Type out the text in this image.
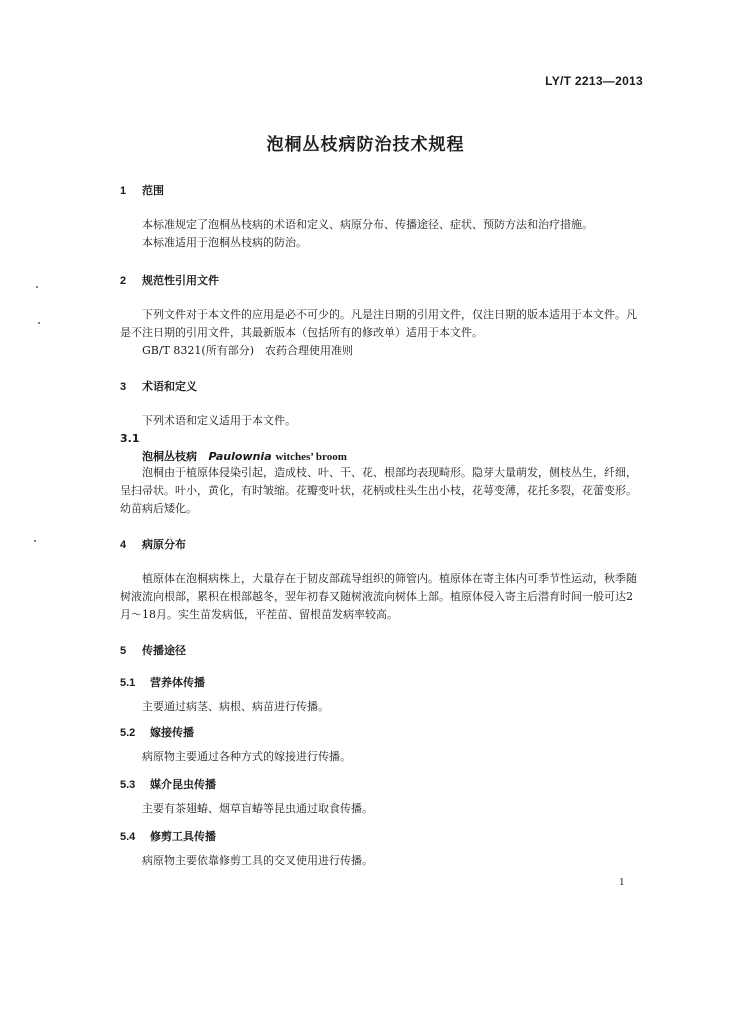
LY/T 2213—2013
泡桐丛枝病防治技术规程
1 范围
本标准规定了泡桐丛枝病的术语和定义、病原分布、传播途径、症状、预防方法和治疗措施。
本标准适用于泡桐丛枝病的防治。
2 规范性引用文件
下列文件对于本文件的应用是必不可少的。凡是注日期的引用文件，仅注日期的版本适用于本文件。凡是不注日期的引用文件，其最新版本（包括所有的修改单）适用于本文件。
GB/T 8321(所有部分)　农药合理使用准则
3 术语和定义
下列术语和定义适用于本文件。
3.1
泡桐丛枝病 Paulownia witches’ broom
泡桐由于植原体侵染引起，造成枝、叶、干、花、根部均表现畸形。隐芽大量萌发，侧枝丛生，纤细，呈扫帚状。叶小，黄化，有时皱缩。花瓣变叶状，花柄或柱头生出小枝，花萼变薄，花托多裂，花蕾变形。幼苗病后矮化。
4 病原分布
植原体在泡桐病株上，大量存在于韧皮部疏导组织的筛管内。植原体在寄主体内可季节性运动，秋季随树液流向根部，累积在根部越冬，翌年初春又随树液流向树体上部。植原体侵入寄主后潜育时间一般可达2月～18月。实生苗发病低，平茬苗、留根苗发病率较高。
5 传播途径
5.1 营养体传播
主要通过病茎、病根、病苗进行传播。
5.2 嫁接传播
病原物主要通过各种方式的嫁接进行传播。
5.3 媒介昆虫传播
主要有茶翅蝽、烟草盲蝽等昆虫通过取食传播。
5.4 修剪工具传播
病原物主要依靠修剪工具的交叉使用进行传播。
1
